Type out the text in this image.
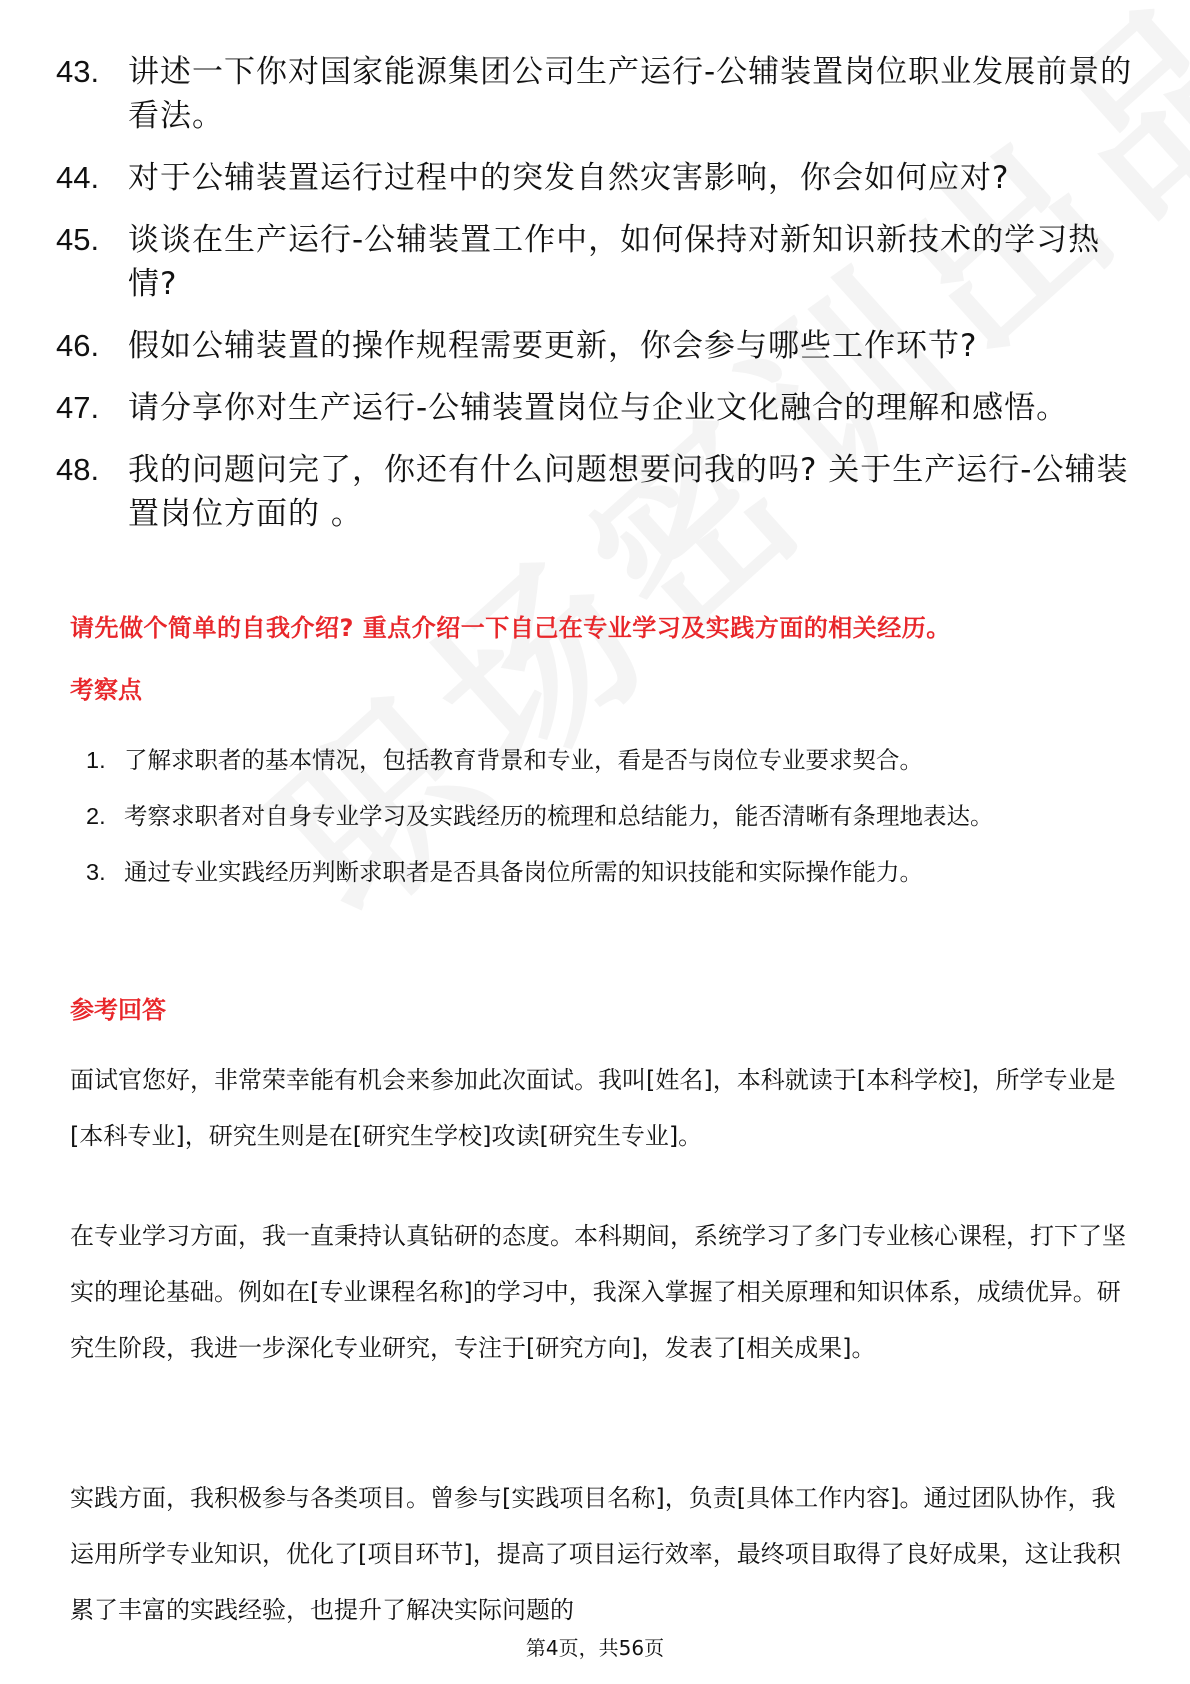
43. 讲述一下你对国家能源集团公司生产运行-公辅装置岗位职业发展前景的看法。
44. 对于公辅装置运行过程中的突发自然灾害影响，你会如何应对?
45. 谈谈在生产运行-公辅装置工作中，如何保持对新知识新技术的学习热情?
46. 假如公辅装置的操作规程需要更新，你会参与哪些工作环节?
47. 请分享你对生产运行-公辅装置岗位与企业文化融合的理解和感悟。
48. 我的问题问完了，你还有什么问题想要问我的吗? 关于生产运行-公辅装置岗位方面的 。
请先做个简单的自我介绍? 重点介绍一下自己在专业学习及实践方面的相关经历。
考察点
1. 了解求职者的基本情况，包括教育背景和专业，看是否与岗位专业要求契合。
2. 考察求职者对自身专业学习及实践经历的梳理和总结能力，能否清晰有条理地表达。
3. 通过专业实践经历判断求职者是否具备岗位所需的知识技能和实际操作能力。
参考回答

面试官您好，非常荣幸能有机会来参加此次面试。我叫[姓名]，本科就读于[本科学校]，所学专业是[本科专业]，研究生则是在[研究生学校]攻读[研究生专业]。

在专业学习方面，我一直秉持认真钻研的态度。本科期间，系统学习了多门专业核心课程，打下了坚实的理论基础。例如在[专业课程名称]的学习中，我深入掌握了相关原理和知识体系，成绩优异。研究生阶段，我进一步深化专业研究，专注于[研究方向]，发表了[相关成果]。

实践方面，我积极参与各类项目。曾参与[实践项目名称]，负责[具体工作内容]。通过团队协作，我运用所学专业知识，优化了[项目环节]，提高了项目运行效率，最终项目取得了良好成果，这让我积累了丰富的实践经验，也提升了解决实际问题的

第4页，共56页
